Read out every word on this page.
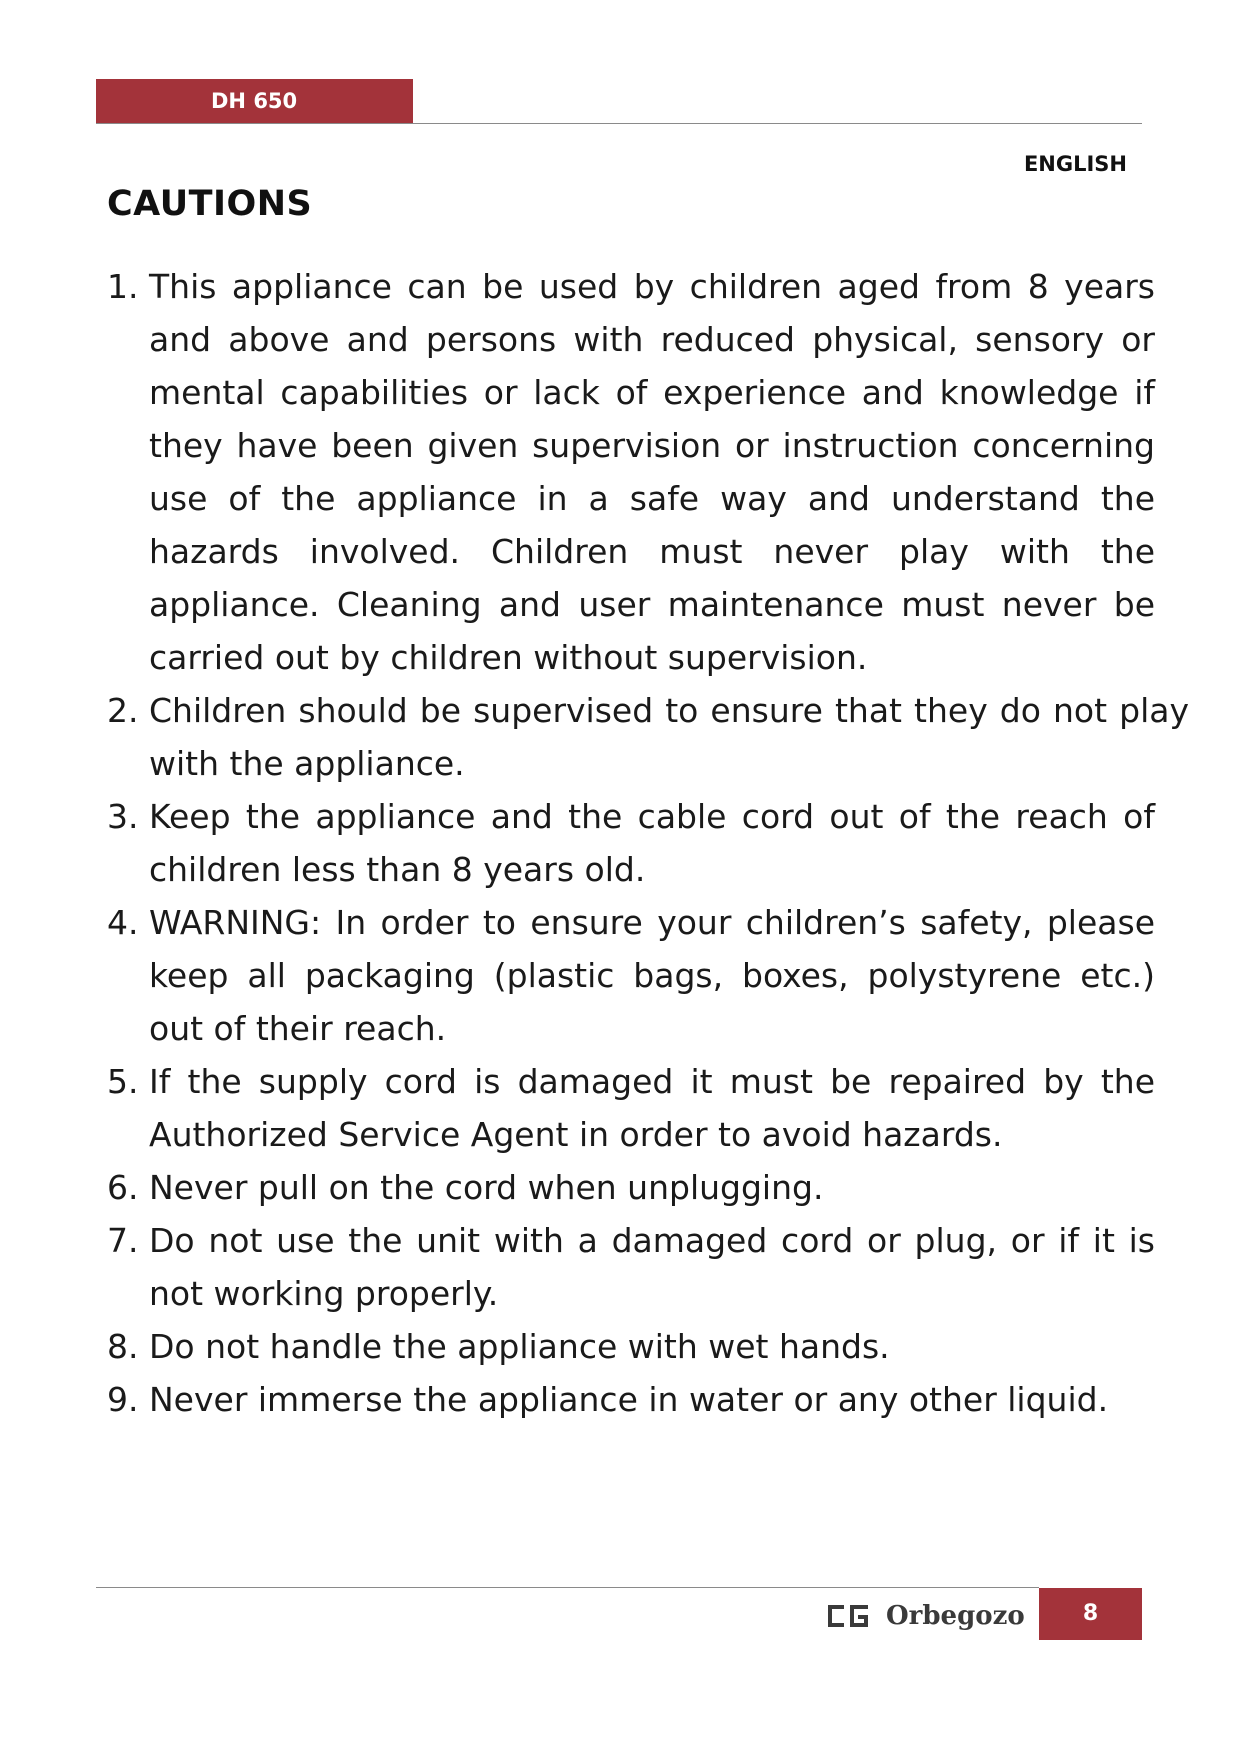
DH 650
ENGLISH
CAUTIONS
1. This appliance can be used by children aged from 8 years and above and persons with reduced physical, sensory or mental capabilities or lack of experience and knowledge if they have been given supervision or instruction concerning use of the appliance in a safe way and understand the hazards involved. Children must never play with the appliance. Cleaning and user maintenance must never be carried out by children without supervision.
2. Children should be supervised to ensure that they do not play with the appliance.
3. Keep the appliance and the cable cord out of the reach of children less than 8 years old.
4. WARNING: In order to ensure your children’s safety, please keep all packaging (plastic bags, boxes, polystyrene etc.) out of their reach.
5. If the supply cord is damaged it must be repaired by the Authorized Service Agent in order to avoid hazards.
6. Never pull on the cord when unplugging.
7. Do not use the unit with a damaged cord or plug, or if it is not working properly.
8. Do not handle the appliance with wet hands.
9. Never immerse the appliance in water or any other liquid.
Orbegozo	8
